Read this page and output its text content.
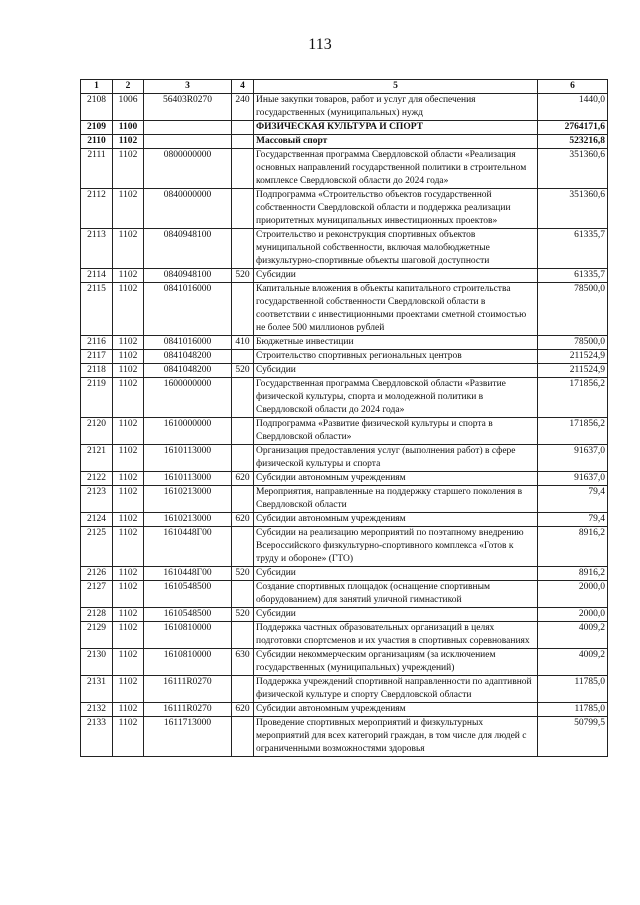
113
1	2	3	4	5	6
2108	1006	56403R0270	240	Иные закупки товаров, работ и услуг для обеспечения государственных (муниципальных) нужд	1440,0
2109	1100			ФИЗИЧЕСКАЯ КУЛЬТУРА И СПОРТ	2764171,6
2110	1102			Массовый спорт	523216,8
2111	1102	0800000000		Государственная программа Свердловской области «Реализация основных направлений государственной политики в строительном комплексе Свердловской области до 2024 года»	351360,6
2112	1102	0840000000		Подпрограмма «Строительство объектов государственной собственности Свердловской области и поддержка реализации приоритетных муниципальных инвестиционных проектов»	351360,6
2113	1102	0840948100		Строительство и реконструкция спортивных объектов муниципальной собственности, включая малобюджетные физкультурно-спортивные объекты шаговой доступности	61335,7
2114	1102	0840948100	520	Субсидии	61335,7
2115	1102	0841016000		Капитальные вложения в объекты капитального строительства государственной собственности Свердловской области в соответствии с инвестиционными проектами сметной стоимостью не более 500 миллионов рублей	78500,0
2116	1102	0841016000	410	Бюджетные инвестиции	78500,0
2117	1102	0841048200		Строительство спортивных региональных центров	211524,9
2118	1102	0841048200	520	Субсидии	211524,9
2119	1102	1600000000		Государственная программа Свердловской области «Развитие физической культуры, спорта и молодежной политики в Свердловской области до 2024 года»	171856,2
2120	1102	1610000000		Подпрограмма «Развитие физической культуры и спорта в Свердловской области»	171856,2
2121	1102	1610113000		Организация предоставления услуг (выполнения работ) в сфере физической культуры и спорта	91637,0
2122	1102	1610113000	620	Субсидии автономным учреждениям	91637,0
2123	1102	1610213000		Мероприятия, направленные на поддержку старшего поколения в Свердловской области	79,4
2124	1102	1610213000	620	Субсидии автономным учреждениям	79,4
2125	1102	1610448Г00		Субсидии на реализацию мероприятий по поэтапному внедрению Всероссийского физкультурно-спортивного комплекса «Готов к труду и обороне» (ГТО)	8916,2
2126	1102	1610448Г00	520	Субсидии	8916,2
2127	1102	1610548500		Создание спортивных площадок (оснащение спортивным оборудованием) для занятий уличной гимнастикой	2000,0
2128	1102	1610548500	520	Субсидии	2000,0
2129	1102	1610810000		Поддержка частных образовательных организаций в целях подготовки спортсменов и их участия в спортивных соревнованиях	4009,2
2130	1102	1610810000	630	Субсидии некоммерческим организациям (за исключением государственных (муниципальных) учреждений)	4009,2
2131	1102	16111R0270		Поддержка учреждений спортивной направленности по адаптивной физической культуре и спорту Свердловской области	11785,0
2132	1102	16111R0270	620	Субсидии автономным учреждениям	11785,0
2133	1102	1611713000		Проведение спортивных мероприятий и физкультурных мероприятий для всех категорий граждан, в том числе для людей с ограниченными возможностями здоровья	50799,5
